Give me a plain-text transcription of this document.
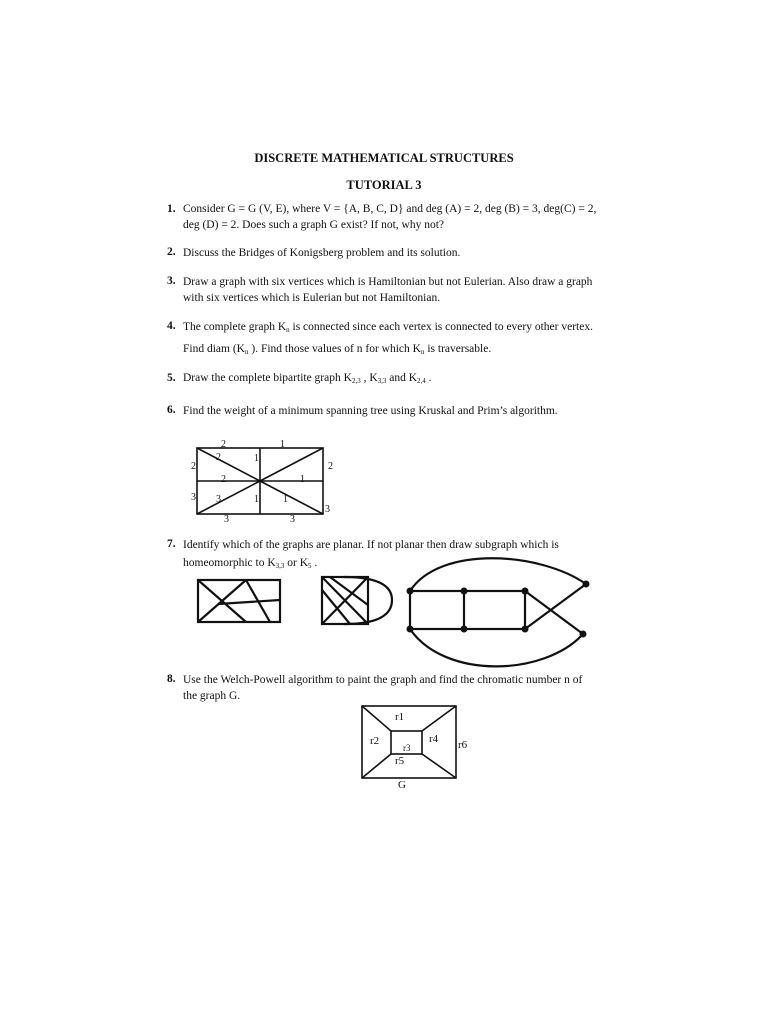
DISCRETE MATHEMATICAL STRUCTURES
TUTORIAL 3
1. Consider G = G (V, E), where V = {A, B, C, D} and deg (A) = 2, deg (B) = 3, deg(C) = 2,
deg (D) = 2. Does such a graph G exist? If not, why not?
2. Discuss the Bridges of Konigsberg problem and its solution.
3. Draw a graph with six vertices which is Hamiltonian but not Eulerian. Also draw a graph
with six vertices which is Eulerian but not Hamiltonian.
4. The complete graph $K_n$ is connected since each vertex is connected to every other vertex.
Find diam ($K_n$ ). Find those values of n for which $K_n$ is traversable.
5. Draw the complete bipartite graph $K_{2,3}$ , $K_{3,3}$ and $K_{2,4}$ .
6. Find the weight of a minimum spanning tree using Kruskal and Prim’s algorithm.
7. Identify which of the graphs are planar. If not planar then draw subgraph which is
homeomorphic to $K_{3,3}$ or $K_5$ .
8. Use the Welch-Powell algorithm to paint the graph and find the chromatic number n of
the graph G.
2	1
2	1
2	2
2	1
3 3	1 1
3
3	3
r1
r2
r3
r4
r5
r6
G
